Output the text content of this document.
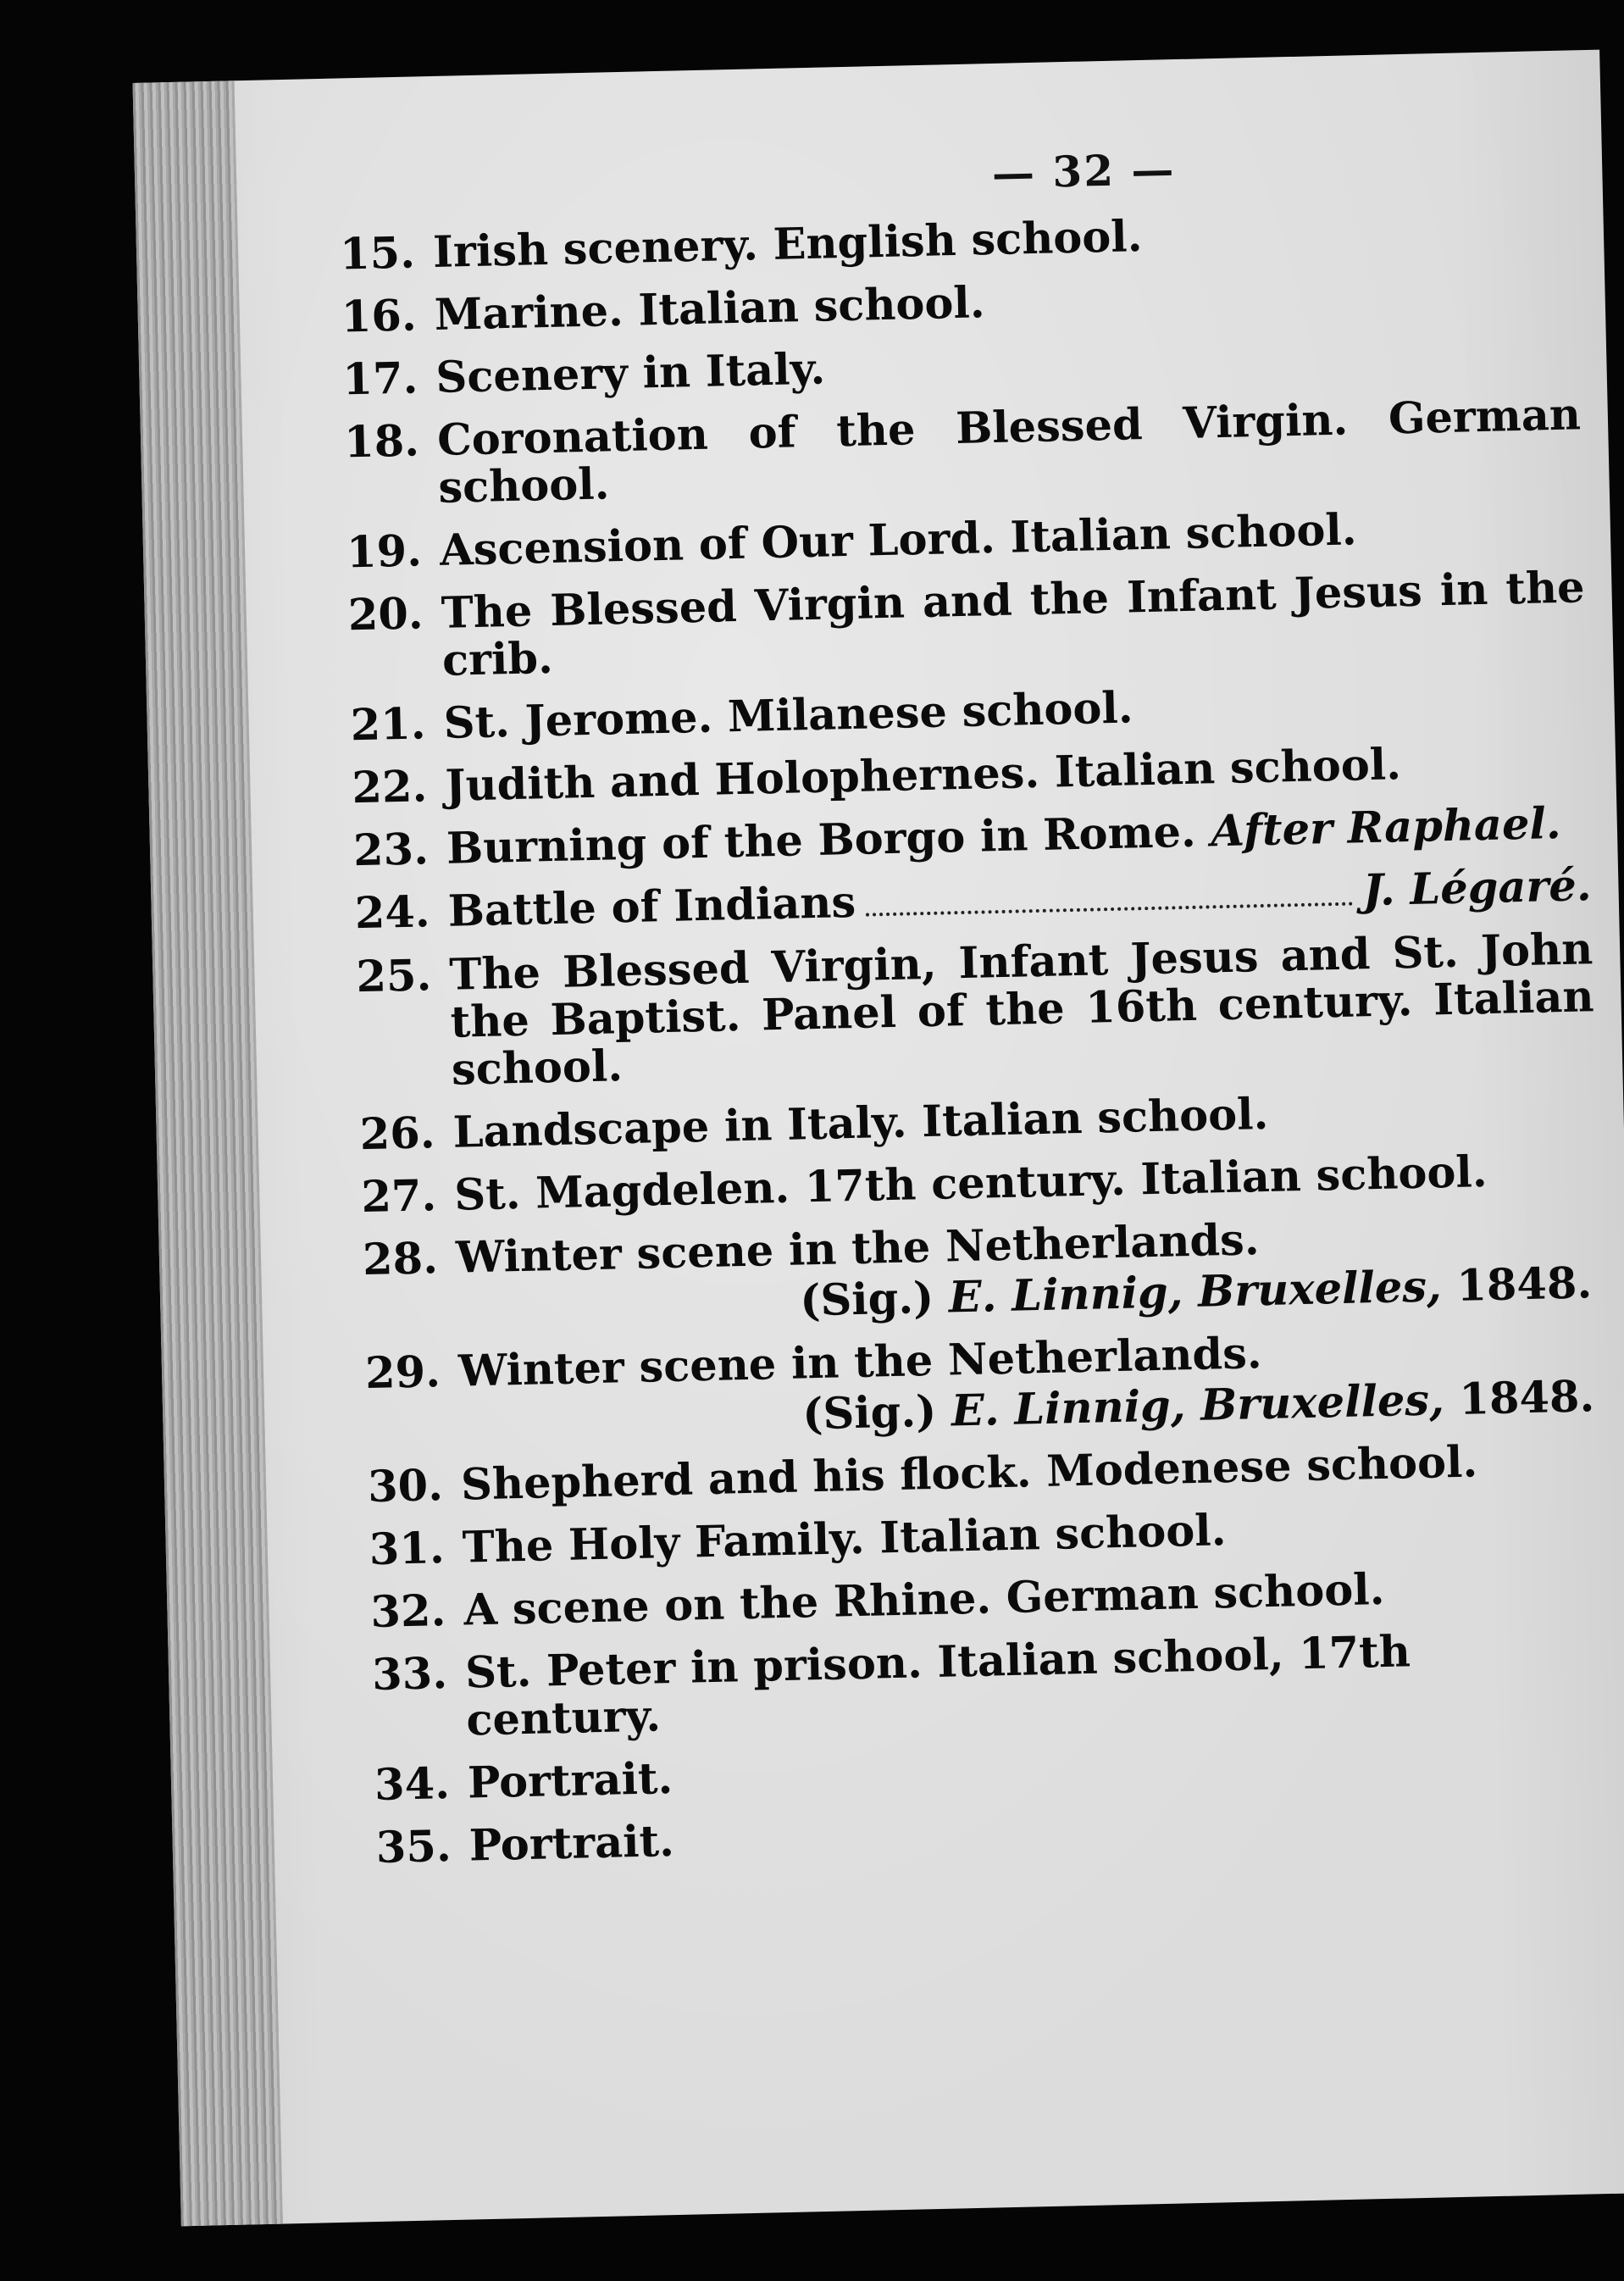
— 32 —
15. Irish scenery. English school.
16. Marine. Italian school.
17. Scenery in Italy.
18. Coronation of the Blessed Virgin. German school.
19. Ascension of Our Lord. Italian school.
20. The Blessed Virgin and the Infant Jesus in the crib.
21. St. Jerome. Milanese school.
22. Judith and Holophernes. Italian school.
23. Burning of the Borgo in Rome. After Raphael.
24. Battle of Indians	J. Légaré.
25. The Blessed Virgin, Infant Jesus and St. John the Baptist. Panel of the 16th century. Italian school.
26. Landscape in Italy. Italian school.
27. St. Magdelen. 17th century. Italian school.
28. Winter scene in the Netherlands.
(Sig.) E. Linnig, Bruxelles, 1848.
29. Winter scene in the Netherlands.
(Sig.) E. Linnig, Bruxelles, 1848.
30. Shepherd and his flock. Modenese school.
31. The Holy Family. Italian school.
32. A scene on the Rhine. German school.
33. St. Peter in prison. Italian school, 17th century.
34. Portrait.
35. Portrait.
